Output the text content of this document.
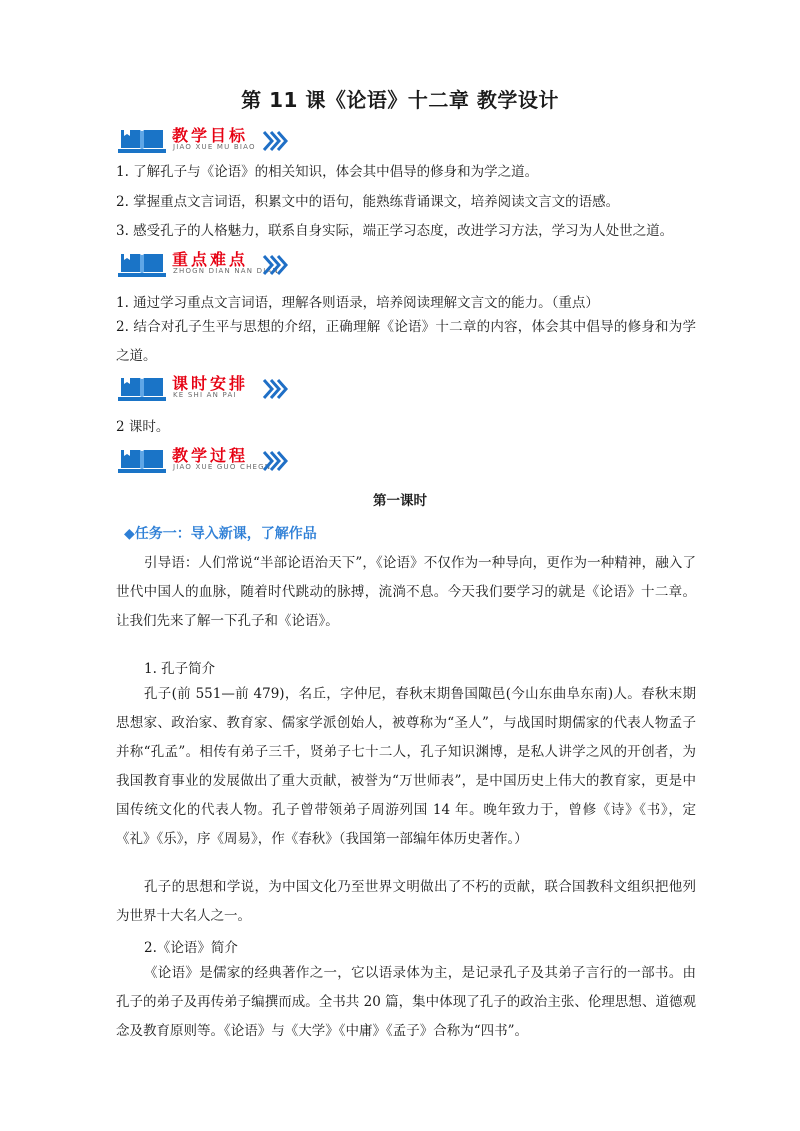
第 11 课《论语》十二章 教学设计
教学目标
JIAO XUE MU BIAO
1. 了解孔子与《论语》的相关知识，体会其中倡导的修身和为学之道。
2. 掌握重点文言词语，积累文中的语句，能熟练背诵课文，培养阅读文言文的语感。
3. 感受孔子的人格魅力，联系自身实际，端正学习态度，改进学习方法，学习为人处世之道。
重点难点
ZHOGN DIAN NAN DIAN
1. 通过学习重点文言词语，理解各则语录，培养阅读理解文言文的能力。（重点）
2. 结合对孔子生平与思想的介绍，正确理解《论语》十二章的内容，体会其中倡导的修身和为学之道。
课时安排
KE SHI AN PAI
2 课时。
教学过程
JIAO XUE GUO CHEGN
第一课时
◆任务一：导入新课，了解作品
引导语：人们常说“半部论语治天下”，《论语》不仅作为一种导向，更作为一种精神，融入了世代中国人的血脉，随着时代跳动的脉搏，流淌不息。今天我们要学习的就是《论语》十二章。让我们先来了解一下孔子和《论语》。
1. 孔子简介
孔子(前 551—前 479)，名丘，字仲尼，春秋末期鲁国陬邑(今山东曲阜东南)人。春秋末期思想家、政治家、教育家、儒家学派创始人，被尊称为“圣人”，与战国时期儒家的代表人物孟子并称“孔孟”。相传有弟子三千，贤弟子七十二人，孔子知识渊博，是私人讲学之风的开创者，为我国教育事业的发展做出了重大贡献，被誉为“万世师表”，是中国历史上伟大的教育家，更是中国传统文化的代表人物。孔子曾带领弟子周游列国 14 年。晚年致力于，曾修《诗》《书》，定《礼》《乐》，序《周易》，作《春秋》（我国第一部编年体历史著作。）
孔子的思想和学说，为中国文化乃至世界文明做出了不朽的贡献，联合国教科文组织把他列为世界十大名人之一。
2.《论语》简介
《论语》是儒家的经典著作之一，它以语录体为主，是记录孔子及其弟子言行的一部书。由孔子的弟子及再传弟子编撰而成。全书共 20 篇，集中体现了孔子的政治主张、伦理思想、道德观念及教育原则等。《论语》与《大学》《中庸》《孟子》合称为“四书”。
